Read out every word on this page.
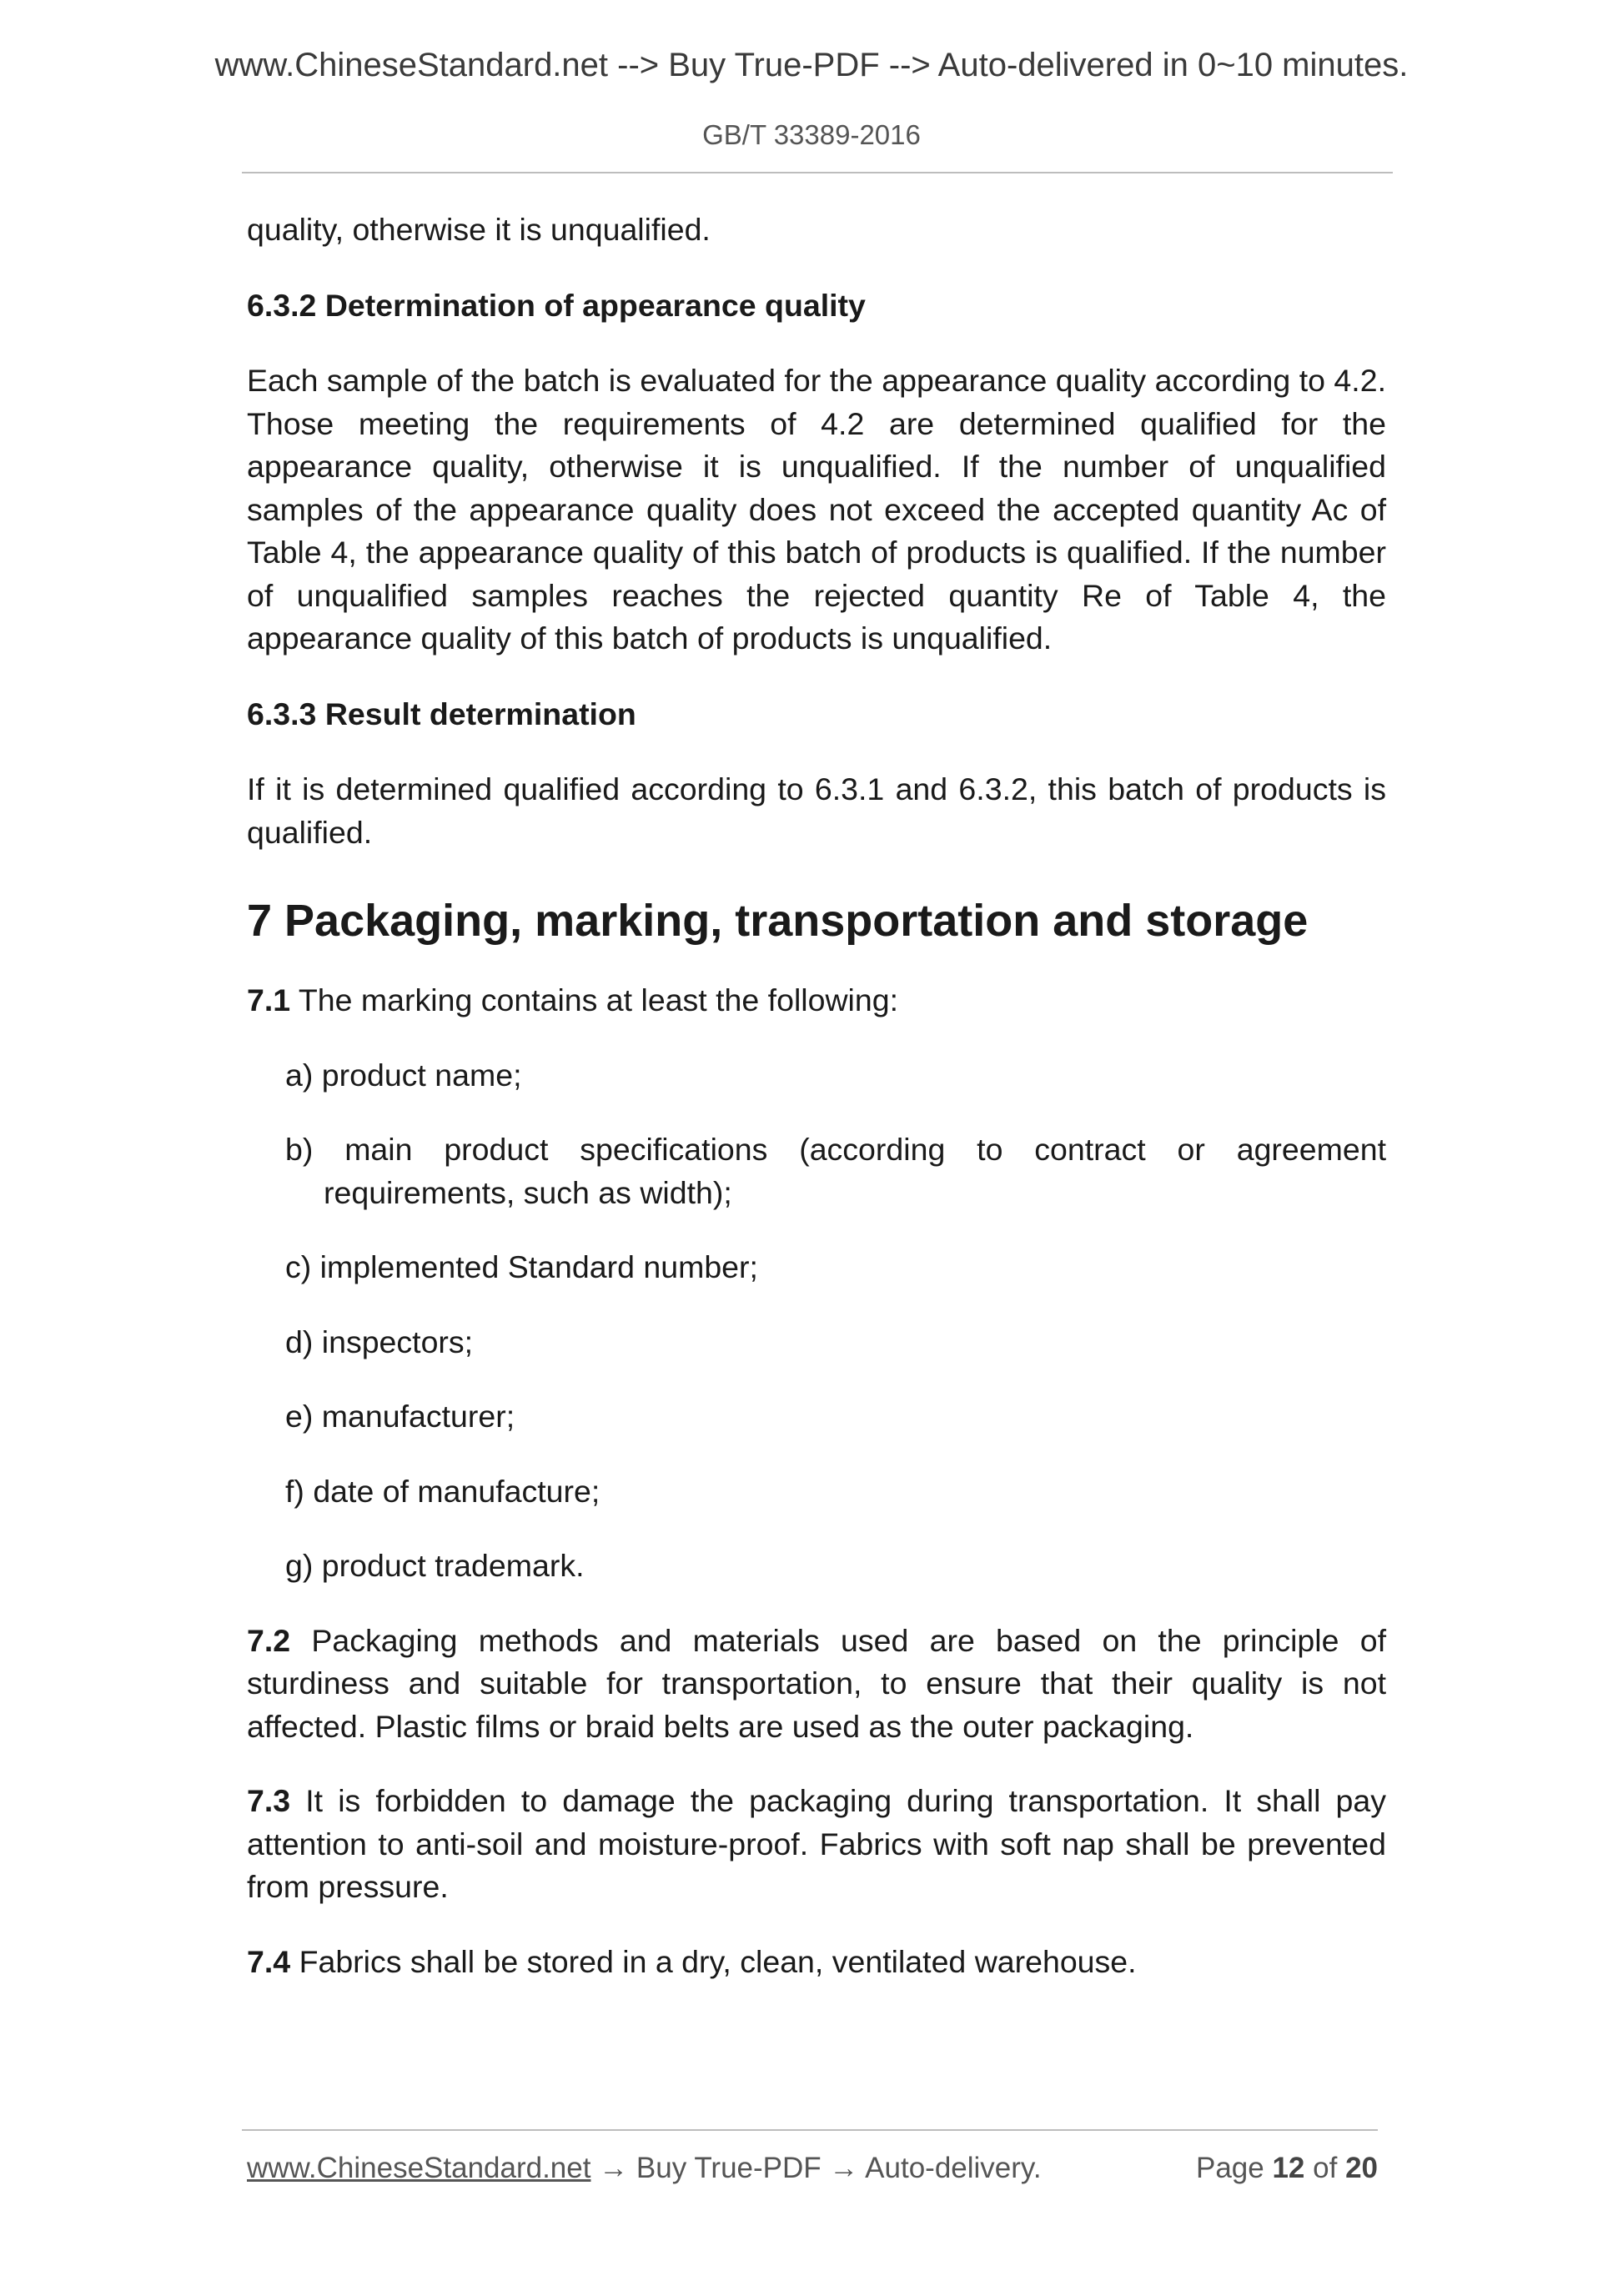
www.ChineseStandard.net --> Buy True-PDF --> Auto-delivered in 0~10 minutes.
GB/T 33389-2016

quality, otherwise it is unqualified.

6.3.2 Determination of appearance quality

Each sample of the batch is evaluated for the appearance quality according to 4.2. Those meeting the requirements of 4.2 are determined qualified for the appearance quality, otherwise it is unqualified. If the number of unqualified samples of the appearance quality does not exceed the accepted quantity Ac of Table 4, the appearance quality of this batch of products is qualified. If the number of unqualified samples reaches the rejected quantity Re of Table 4, the appearance quality of this batch of products is unqualified.

6.3.3 Result determination

If it is determined qualified according to 6.3.1 and 6.3.2, this batch of products is qualified.

7 Packaging, marking, transportation and storage

7.1 The marking contains at least the following:

a) product name;

b) main product specifications (according to contract or agreement requirements, such as width);

c) implemented Standard number;

d) inspectors;

e) manufacturer;

f) date of manufacture;

g) product trademark.

7.2 Packaging methods and materials used are based on the principle of sturdiness and suitable for transportation, to ensure that their quality is not affected. Plastic films or braid belts are used as the outer packaging.

7.3 It is forbidden to damage the packaging during transportation. It shall pay attention to anti-soil and moisture-proof. Fabrics with soft nap shall be prevented from pressure.

7.4 Fabrics shall be stored in a dry, clean, ventilated warehouse.

www.ChineseStandard.net → Buy True-PDF → Auto-delivery.	Page 12 of 20
